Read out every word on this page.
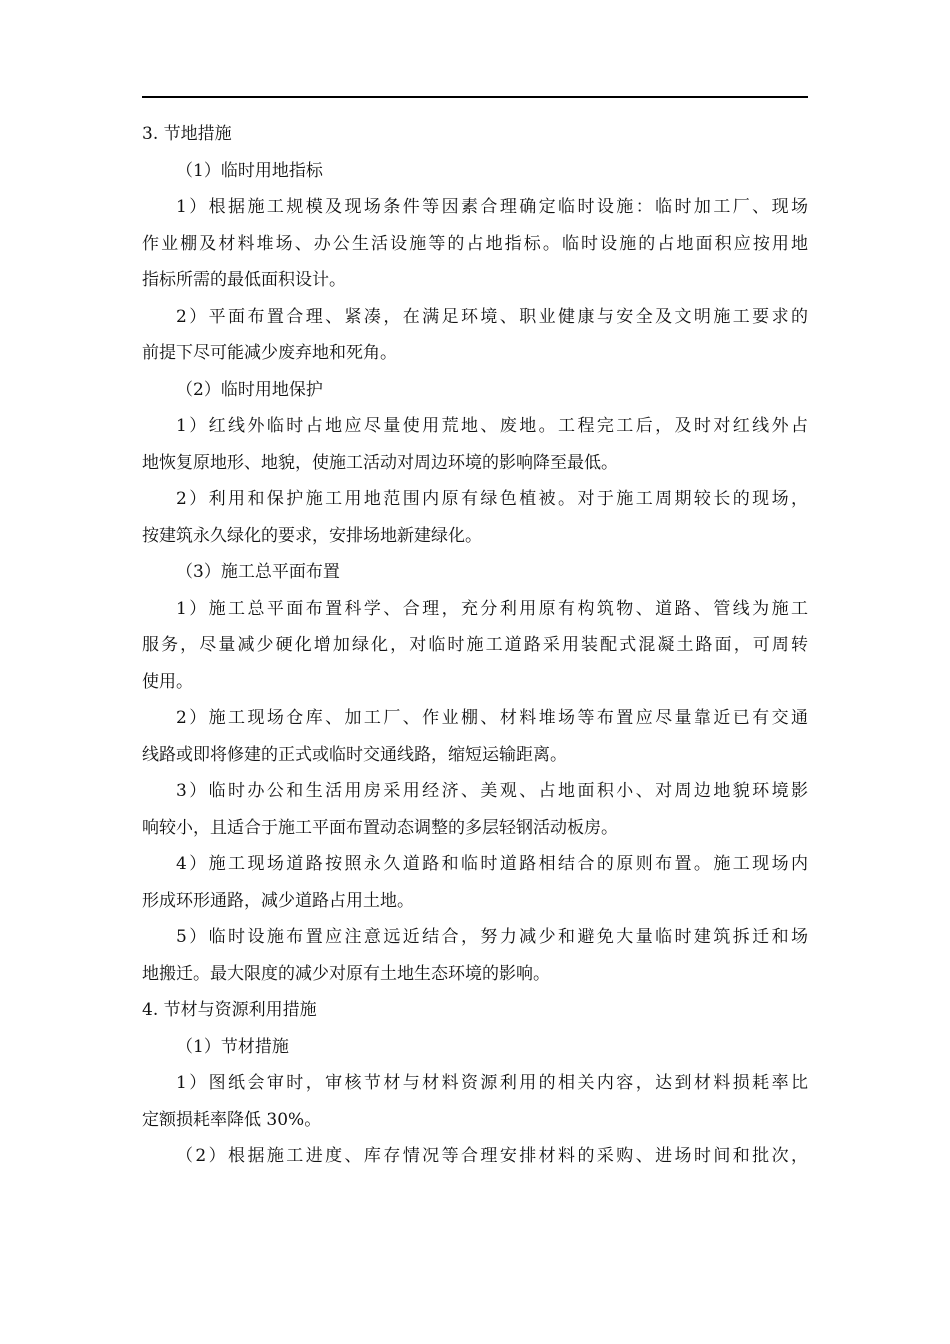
3. 节地措施
（1）临时用地指标
1）根据施工规模及现场条件等因素合理确定临时设施：临时加工厂、现场
作业棚及材料堆场、办公生活设施等的占地指标。临时设施的占地面积应按用地
指标所需的最低面积设计。
2）平面布置合理、紧凑，在满足环境、职业健康与安全及文明施工要求的
前提下尽可能减少废弃地和死角。
（2）临时用地保护
1）红线外临时占地应尽量使用荒地、废地。工程完工后，及时对红线外占
地恢复原地形、地貌，使施工活动对周边环境的影响降至最低。
2）利用和保护施工用地范围内原有绿色植被。对于施工周期较长的现场，
按建筑永久绿化的要求，安排场地新建绿化。
（3）施工总平面布置
1）施工总平面布置科学、合理，充分利用原有构筑物、道路、管线为施工
服务，尽量减少硬化增加绿化，对临时施工道路采用装配式混凝土路面，可周转
使用。
2）施工现场仓库、加工厂、作业棚、材料堆场等布置应尽量靠近已有交通
线路或即将修建的正式或临时交通线路，缩短运输距离。
3）临时办公和生活用房采用经济、美观、占地面积小、对周边地貌环境影
响较小，且适合于施工平面布置动态调整的多层轻钢活动板房。
4）施工现场道路按照永久道路和临时道路相结合的原则布置。施工现场内
形成环形通路，减少道路占用土地。
5）临时设施布置应注意远近结合，努力减少和避免大量临时建筑拆迁和场
地搬迁。最大限度的减少对原有土地生态环境的影响。
4. 节材与资源利用措施
（1）节材措施
1）图纸会审时，审核节材与材料资源利用的相关内容，达到材料损耗率比
定额损耗率降低 30%。
（2）根据施工进度、库存情况等合理安排材料的采购、进场时间和批次，
